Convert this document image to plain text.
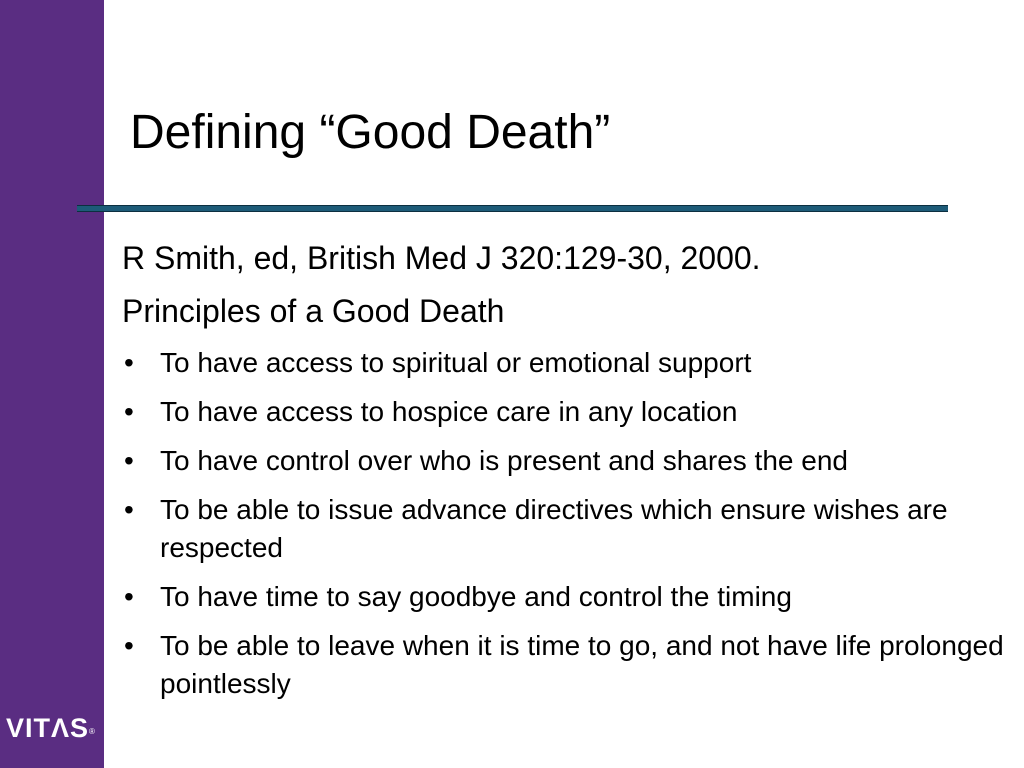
VITΛS®
Defining “Good Death”
R Smith, ed, British Med J 320:129-30, 2000.
Principles of a Good Death
• To have access to spiritual or emotional support
• To have access to hospice care in any location
• To have control over who is present and shares the end
• To be able to issue advance directives which ensure wishes are respected
• To have time to say goodbye and control the timing
• To be able to leave when it is time to go, and not have life prolonged pointlessly
